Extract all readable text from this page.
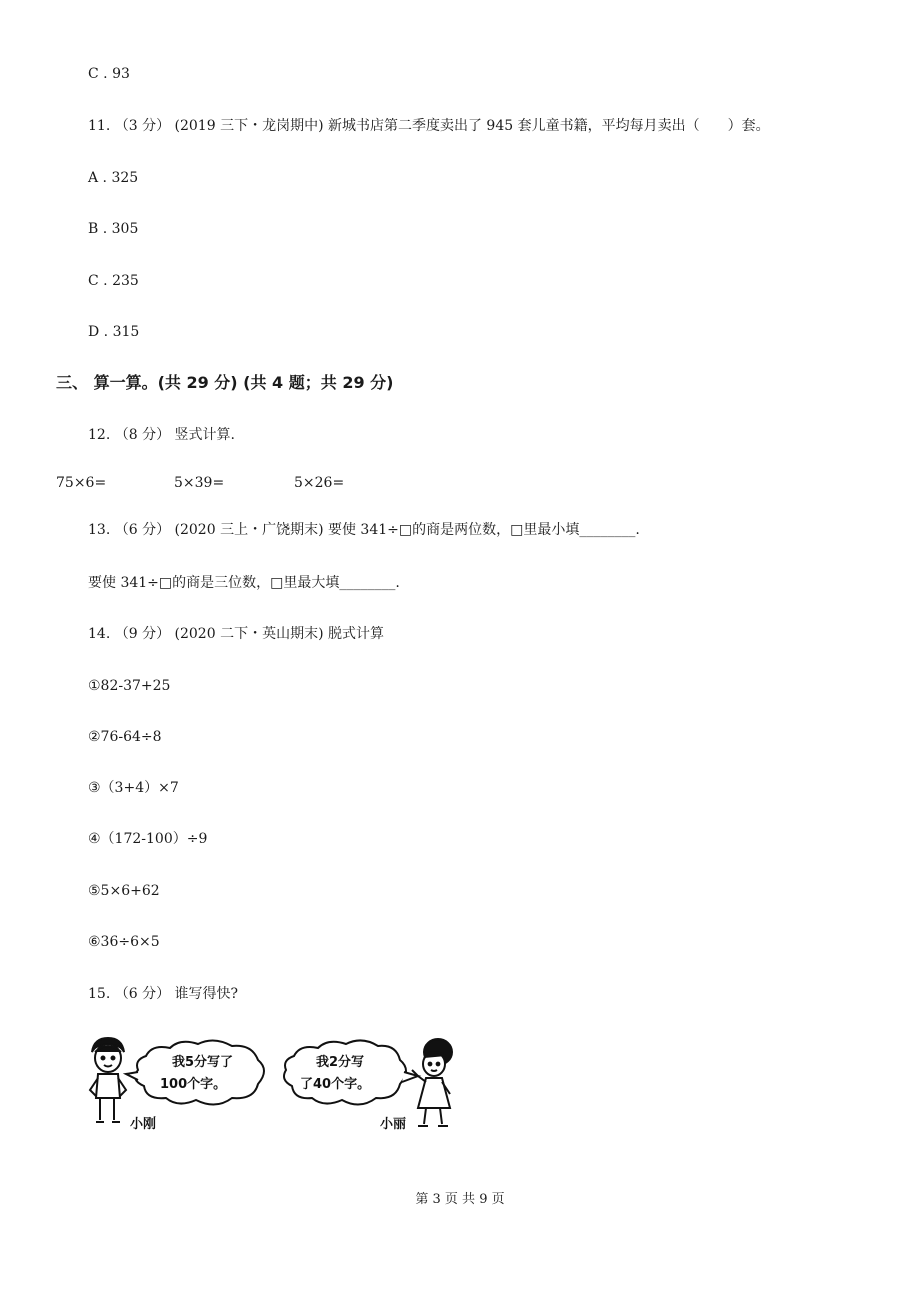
C . 93
11. （3 分） (2019 三下・龙岗期中) 新城书店第二季度卖出了 945 套儿童书籍，平均每月卖出（　　）套。
A . 325
B . 305
C . 235
D . 315
三、 算一算。(共 29 分) (共 4 题；共 29 分)
12. （8 分） 竖式计算.
75×6=	5×39=	5×26=
13. （6 分） (2020 三上・广饶期末) 要使 341÷□的商是两位数，□里最小填________.
要使 341÷□的商是三位数，□里最大填________.
14. （9 分） (2020 二下・英山期末) 脱式计算
①82-37+25
②76-64÷8
③（3+4）×7
④（172-100）÷9
⑤5×6+62
⑥36÷6×5
15. （6 分） 谁写得快?
我5分写了
100个字。
小刚
我2分写
了40个字。
小丽
第 3 页 共 9 页
